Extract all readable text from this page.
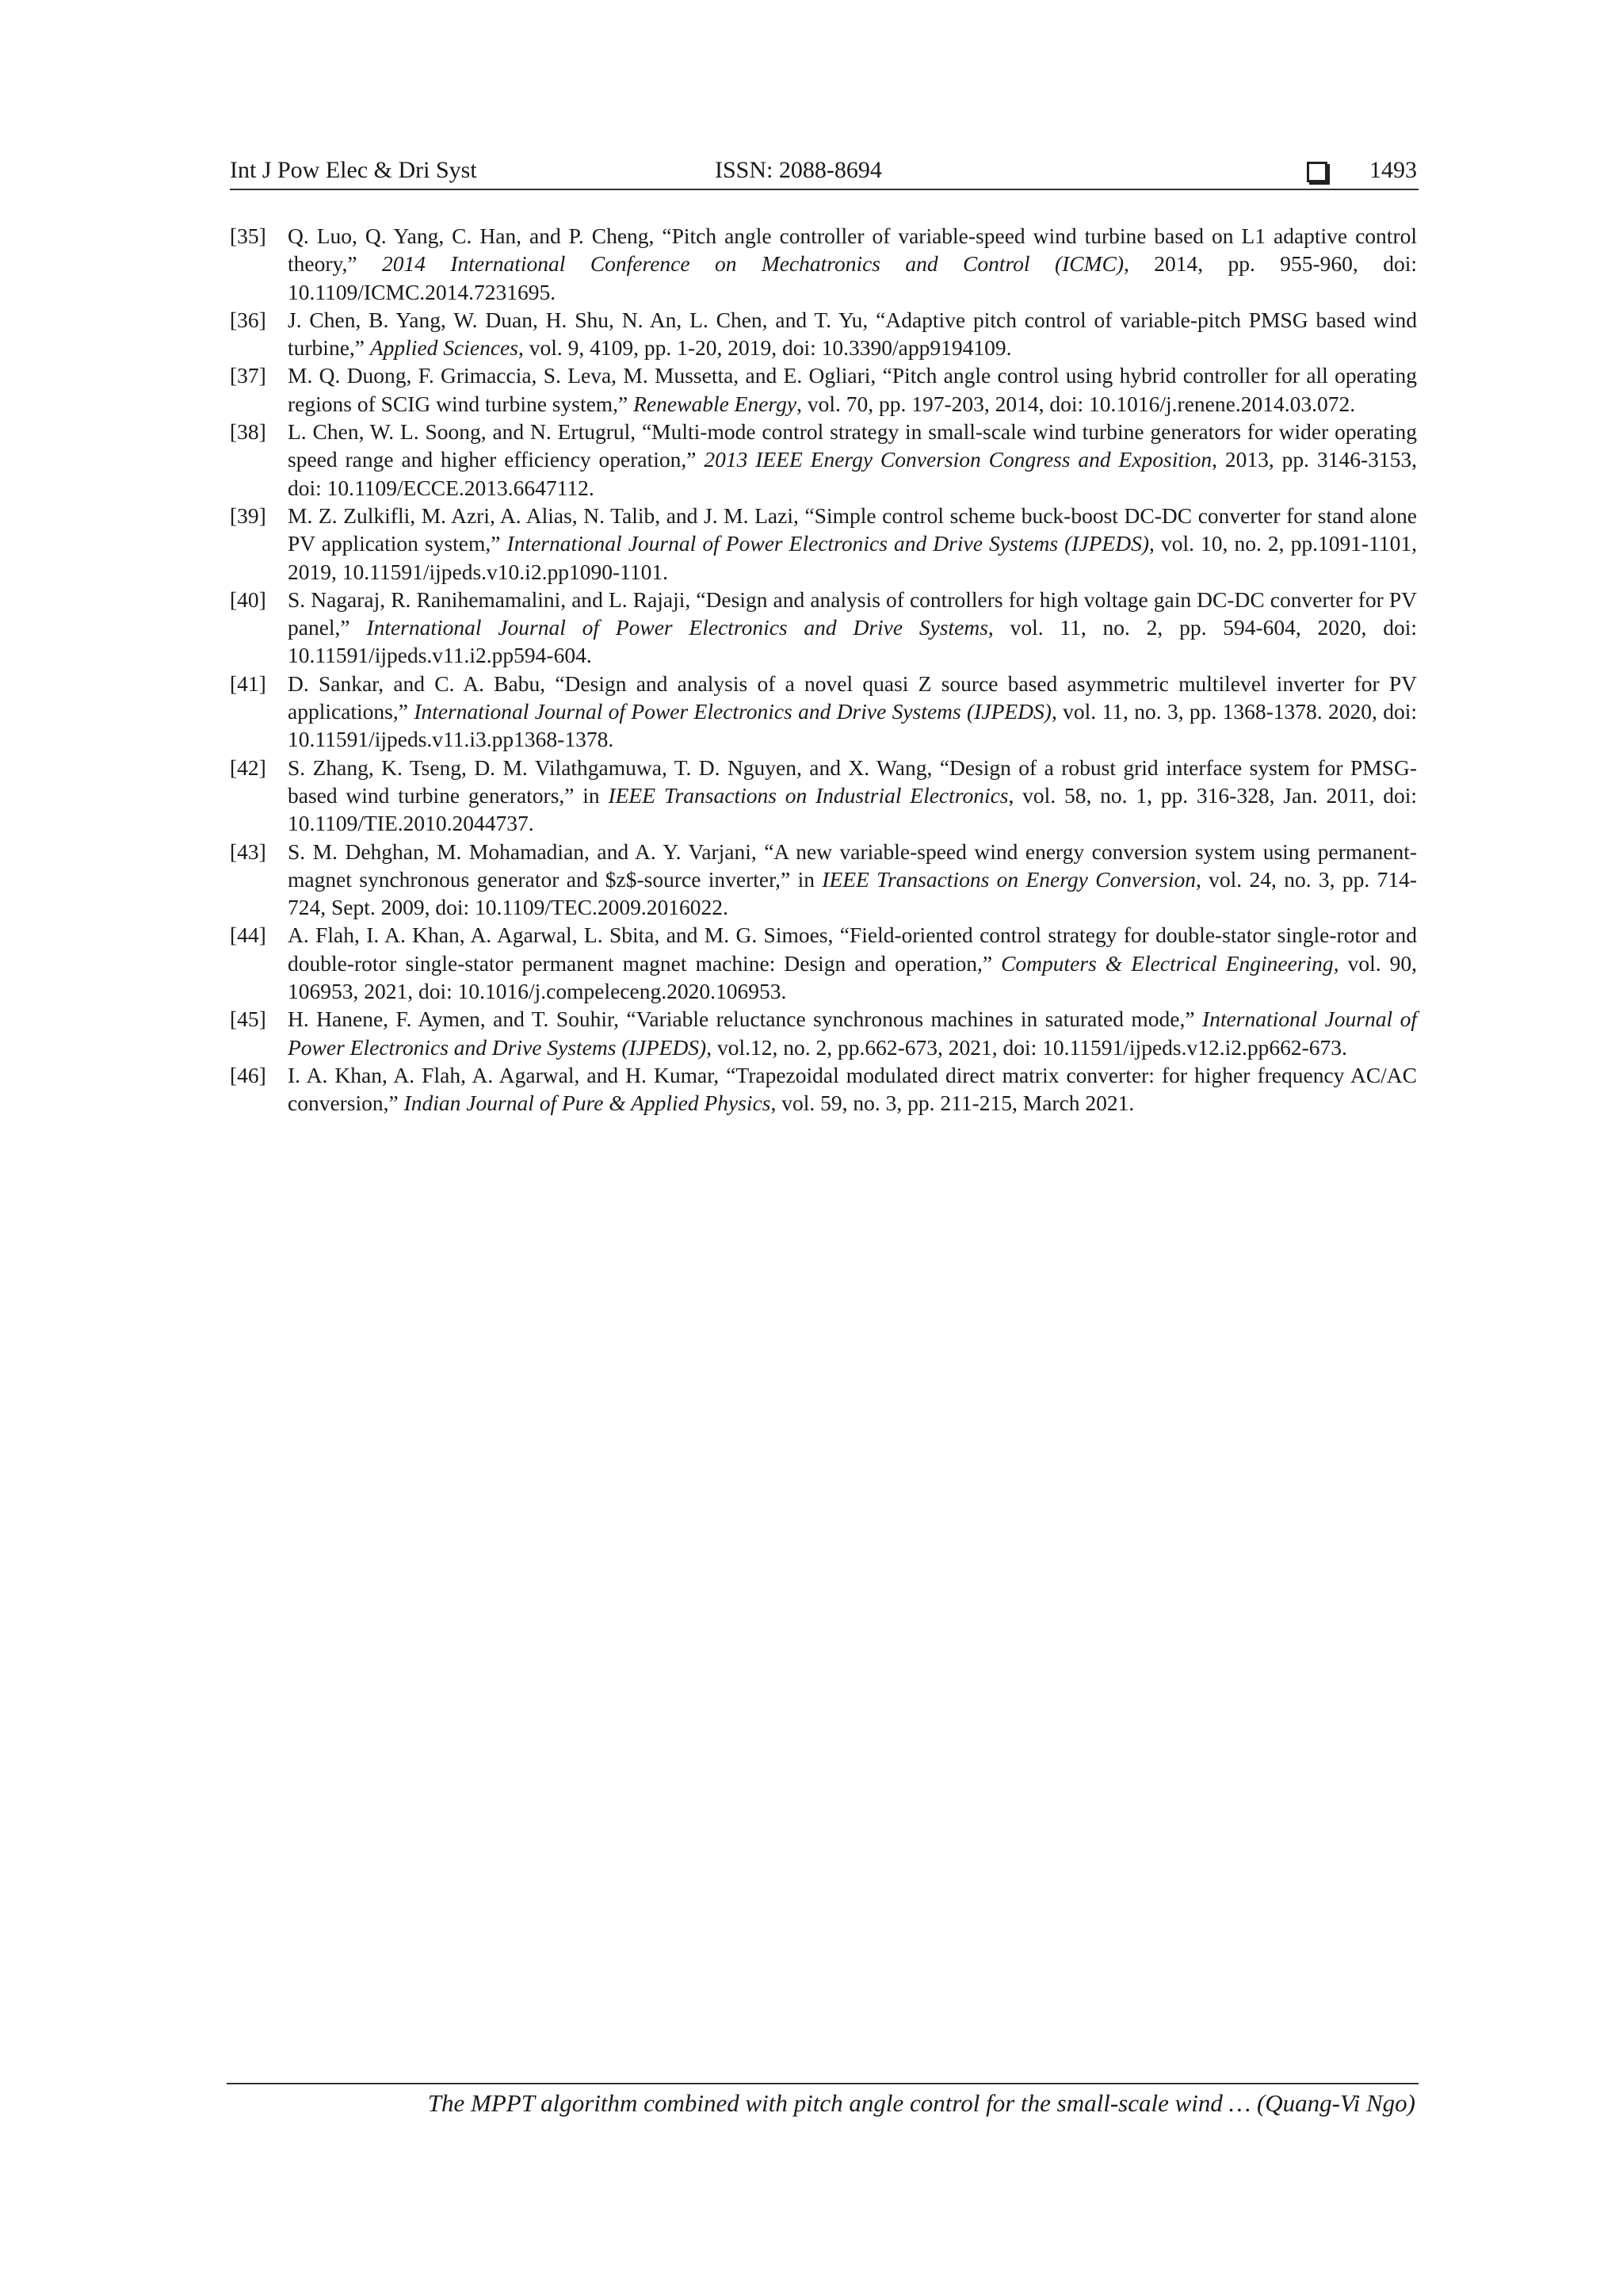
Int J Pow Elec & Dri Syst	ISSN: 2088-8694	1493

[35] Q. Luo, Q. Yang, C. Han, and P. Cheng, “Pitch angle controller of variable-speed wind turbine based on L1 adaptive control theory,” 2014 International Conference on Mechatronics and Control (ICMC), 2014, pp. 955-960, doi: 10.1109/ICMC.2014.7231695.

[36] J. Chen, B. Yang, W. Duan, H. Shu, N. An, L. Chen, and T. Yu, “Adaptive pitch control of variable-pitch PMSG based wind turbine,” Applied Sciences, vol. 9, 4109, pp. 1-20, 2019, doi: 10.3390/app9194109.

[37] M. Q. Duong, F. Grimaccia, S. Leva, M. Mussetta, and E. Ogliari, “Pitch angle control using hybrid controller for all operating regions of SCIG wind turbine system,” Renewable Energy, vol. 70, pp. 197-203, 2014, doi: 10.1016/j.renene.2014.03.072.

[38] L. Chen, W. L. Soong, and N. Ertugrul, “Multi-mode control strategy in small-scale wind turbine generators for wider operating speed range and higher efficiency operation,” 2013 IEEE Energy Conversion Congress and Exposition, 2013, pp. 3146-3153, doi: 10.1109/ECCE.2013.6647112.

[39] M. Z. Zulkifli, M. Azri, A. Alias, N. Talib, and J. M. Lazi, “Simple control scheme buck-boost DC-DC converter for stand alone PV application system,” International Journal of Power Electronics and Drive Systems (IJPEDS), vol. 10, no. 2, pp.1091-1101, 2019, 10.11591/ijpeds.v10.i2.pp1090-1101.

[40] S. Nagaraj, R. Ranihemamalini, and L. Rajaji, “Design and analysis of controllers for high voltage gain DC-DC converter for PV panel,” International Journal of Power Electronics and Drive Systems, vol. 11, no. 2, pp. 594-604, 2020, doi: 10.11591/ijpeds.v11.i2.pp594-604.

[41] D. Sankar, and C. A. Babu, “Design and analysis of a novel quasi Z source based asymmetric multilevel inverter for PV applications,” International Journal of Power Electronics and Drive Systems (IJPEDS), vol. 11, no. 3, pp. 1368-1378. 2020, doi: 10.11591/ijpeds.v11.i3.pp1368-1378.

[42] S. Zhang, K. Tseng, D. M. Vilathgamuwa, T. D. Nguyen, and X. Wang, “Design of a robust grid interface system for PMSG-based wind turbine generators,” in IEEE Transactions on Industrial Electronics, vol. 58, no. 1, pp. 316-328, Jan. 2011, doi: 10.1109/TIE.2010.2044737.

[43] S. M. Dehghan, M. Mohamadian, and A. Y. Varjani, “A new variable-speed wind energy conversion system using permanent-magnet synchronous generator and $z$-source inverter,” in IEEE Transactions on Energy Conversion, vol. 24, no. 3, pp. 714-724, Sept. 2009, doi: 10.1109/TEC.2009.2016022.

[44] A. Flah, I. A. Khan, A. Agarwal, L. Sbita, and M. G. Simoes, “Field-oriented control strategy for double-stator single-rotor and double-rotor single-stator permanent magnet machine: Design and operation,” Computers & Electrical Engineering, vol. 90, 106953, 2021, doi: 10.1016/j.compeleceng.2020.106953.

[45] H. Hanene, F. Aymen, and T. Souhir, “Variable reluctance synchronous machines in saturated mode,” International Journal of Power Electronics and Drive Systems (IJPEDS), vol.12, no. 2, pp.662-673, 2021, doi: 10.11591/ijpeds.v12.i2.pp662-673.

[46] I. A. Khan, A. Flah, A. Agarwal, and H. Kumar, “Trapezoidal modulated direct matrix converter: for higher frequency AC/AC conversion,” Indian Journal of Pure & Applied Physics, vol. 59, no. 3, pp. 211-215, March 2021.

The MPPT algorithm combined with pitch angle control for the small-scale wind … (Quang-Vi Ngo)
